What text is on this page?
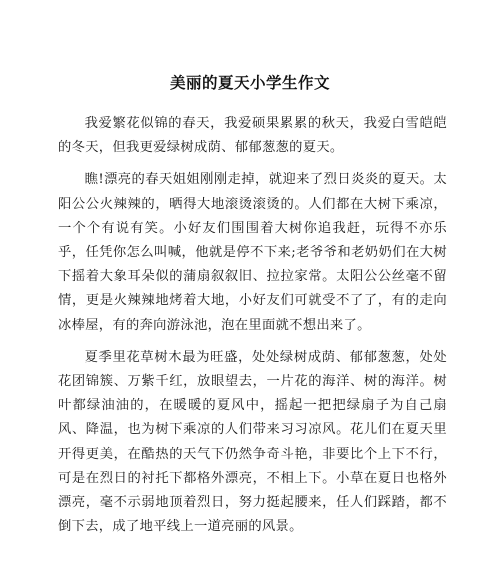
美丽的夏天小学生作文

我爱繁花似锦的春天，我爱硕果累累的秋天，我爱白雪皑皑的冬天，但我更爱绿树成荫、郁郁葱葱的夏天。

瞧!漂亮的春天姐姐刚刚走掉，就迎来了烈日炎炎的夏天。太阳公公火辣辣的，晒得大地滚烫滚烫的。人们都在大树下乘凉，一个个有说有笑。小好友们围围着大树你追我赶，玩得不亦乐乎，任凭你怎么叫喊，他就是停不下来;老爷爷和老奶奶们在大树下摇着大象耳朵似的蒲扇叙叙旧、拉拉家常。太阳公公丝毫不留情，更是火辣辣地烤着大地，小好友们可就受不了了，有的走向冰棒屋，有的奔向游泳池，泡在里面就不想出来了。

夏季里花草树木最为旺盛，处处绿树成荫、郁郁葱葱，处处花团锦簇、万紫千红，放眼望去，一片花的海洋、树的海洋。树叶都绿油油的，在暖暖的夏风中，摇起一把把绿扇子为自己扇风、降温，也为树下乘凉的人们带来习习凉风。花儿们在夏天里开得更美，在酷热的天气下仍然争奇斗艳，非要比个上下不行，可是在烈日的衬托下都格外漂亮，不相上下。小草在夏日也格外漂亮，毫不示弱地顶着烈日，努力挺起腰来，任人们踩踏，都不倒下去，成了地平线上一道亮丽的风景。
